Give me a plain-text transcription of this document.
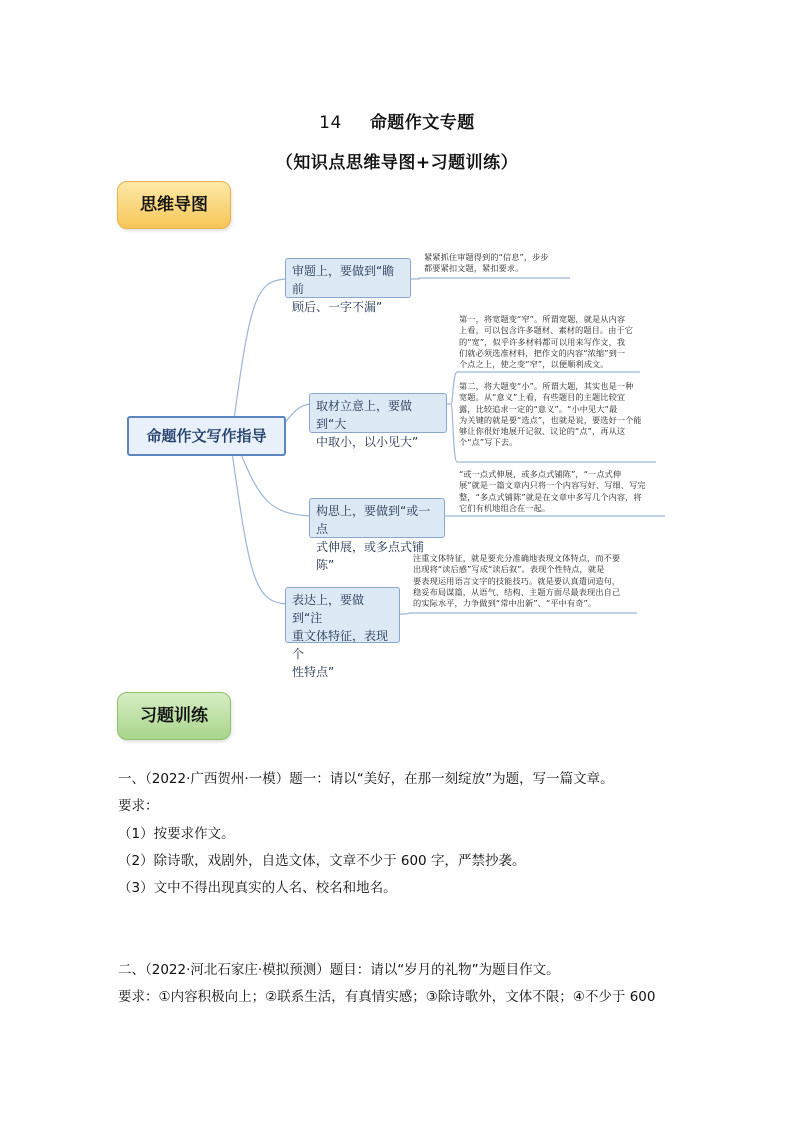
14 命题作文专题
（知识点思维导图+习题训练）
思维导图
命题作文写作指导
审题上，要做到“瞻前
顾后、一字不漏”
紧紧抓住审题得到的“信息”，步步
都要紧扣文题，紧扣要求。
取材立意上，要做到“大
中取小，以小见大”
第一，将宽题变“窄”。所谓宽题，就是从内容
上看，可以包含许多题材、素材的题目。由于它
的“宽”，似乎许多材料都可以用来写作文，我
们就必须选准材料，把作文的内容“浓缩”到一
个点之上，使之变“窄”，以便顺利成文。
第二，将大题变“小”。所谓大题，其实也是一种
宽题。从“意义”上看，有些题目的主题比较宜
露，比较追求一定的“意义”。“小中见大”最
为关键的就是要“选点”，也就是说，要选好一个能
够让你很好地展开记叙、议论的“点”，再从这
个“点”写下去。
构思上，要做到“或一点
式伸展，或多点式铺陈”
“或一点式伸展，或多点式铺陈”，“一点式伸
展”就是一篇文章内只将一个内容写好、写细、写完
整，“多点式铺陈”就是在文章中多写几个内容，将
它们有机地组合在一起。
表达上，要做到“注
重文体特征，表现个
性特点”
注重文体特征，就是要充分准确地表现文体特点，而不要
出现将“读后感”写成“读后叙”。表现个性特点，就是
要表现运用语言文字的技能技巧。就是要认真遣词造句，
稳妥布局谋篇，从语气、结构、主题方面尽最表现出自己
的实际水平，力争做到“常中出新”、“平中有奇”。
习题训练
一、（2022·广西贺州·一模）题一：请以“美好，在那一刻绽放”为题，写一篇文章。
要求：
（1）按要求作文。
（2）除诗歌，戏剧外，自选文体，文章不少于 600 字，严禁抄袭。
（3）文中不得出现真实的人名、校名和地名。
二、（2022·河北石家庄·模拟预测）题目：请以“岁月的礼物”为题目作文。
要求：①内容积极向上；②联系生活，有真情实感；③除诗歌外，文体不限；④不少于 600
